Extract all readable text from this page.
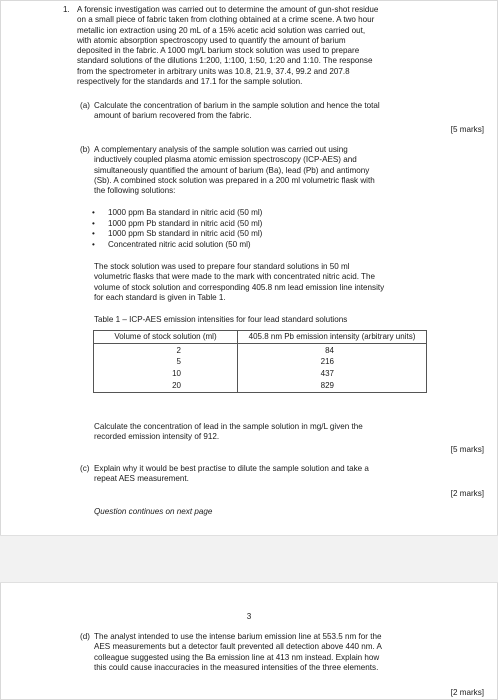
1. A forensic investigation was carried out to determine the amount of gun-shot residue

on a small piece of fabric taken from clothing obtained at a crime scene. A two hour

metallic ion extraction using 20 mL of a 15% acetic acid solution was carried out,

with atomic absorption spectroscopy used to quantify the amount of barium

deposited in the fabric. A 1000 mg/L barium stock solution was used to prepare

standard solutions of the dilutions 1:200, 1:100, 1:50, 1:20 and 1:10. The response

from the spectrometer in arbitrary units was 10.8, 21.9, 37.4, 99.2 and 207.8

respectively for the standards and 17.1 for the sample solution.

(a) Calculate the concentration of barium in the sample solution and hence the total

amount of barium recovered from the fabric.

[5 marks]
(b) A complementary analysis of the sample solution was carried out using

inductively coupled plasma atomic emission spectroscopy (ICP-AES) and

simultaneously quantified the amount of barium (Ba), lead (Pb) and antimony

(Sb). A combined stock solution was prepared in a 200 ml volumetric flask with

the following solutions:

• 1000 ppm Ba standard in nitric acid (50 ml)
• 1000 ppm Pb standard in nitric acid (50 ml)
• 1000 ppm Sb standard in nitric acid (50 ml)
• Concentrated nitric acid solution (50 ml)

The stock solution was used to prepare four standard solutions in 50 ml

volumetric flasks that were made to the mark with concentrated nitric acid. The

volume of stock solution and corresponding 405.8 nm lead emission line intensity

for each standard is given in Table 1.

Table 1 – ICP-AES emission intensities for four lead standard solutions
Volume of stock solution (ml)	405.8 nm Pb emission intensity (arbitrary units)
2	84
5	216
10	437
20	829

Calculate the concentration of lead in the sample solution in mg/L given the

recorded emission intensity of 912.

[5 marks]
(c) Explain why it would be best practise to dilute the sample solution and take a

repeat AES measurement.

[2 marks]
Question continues on next page
3
(d) The analyst intended to use the intense barium emission line at 553.5 nm for the

AES measurements but a detector fault prevented all detection above 440 nm. A

colleague suggested using the Ba emission line at 413 nm instead. Explain how

this could cause inaccuracies in the measured intensities of the three elements.

[2 marks]
